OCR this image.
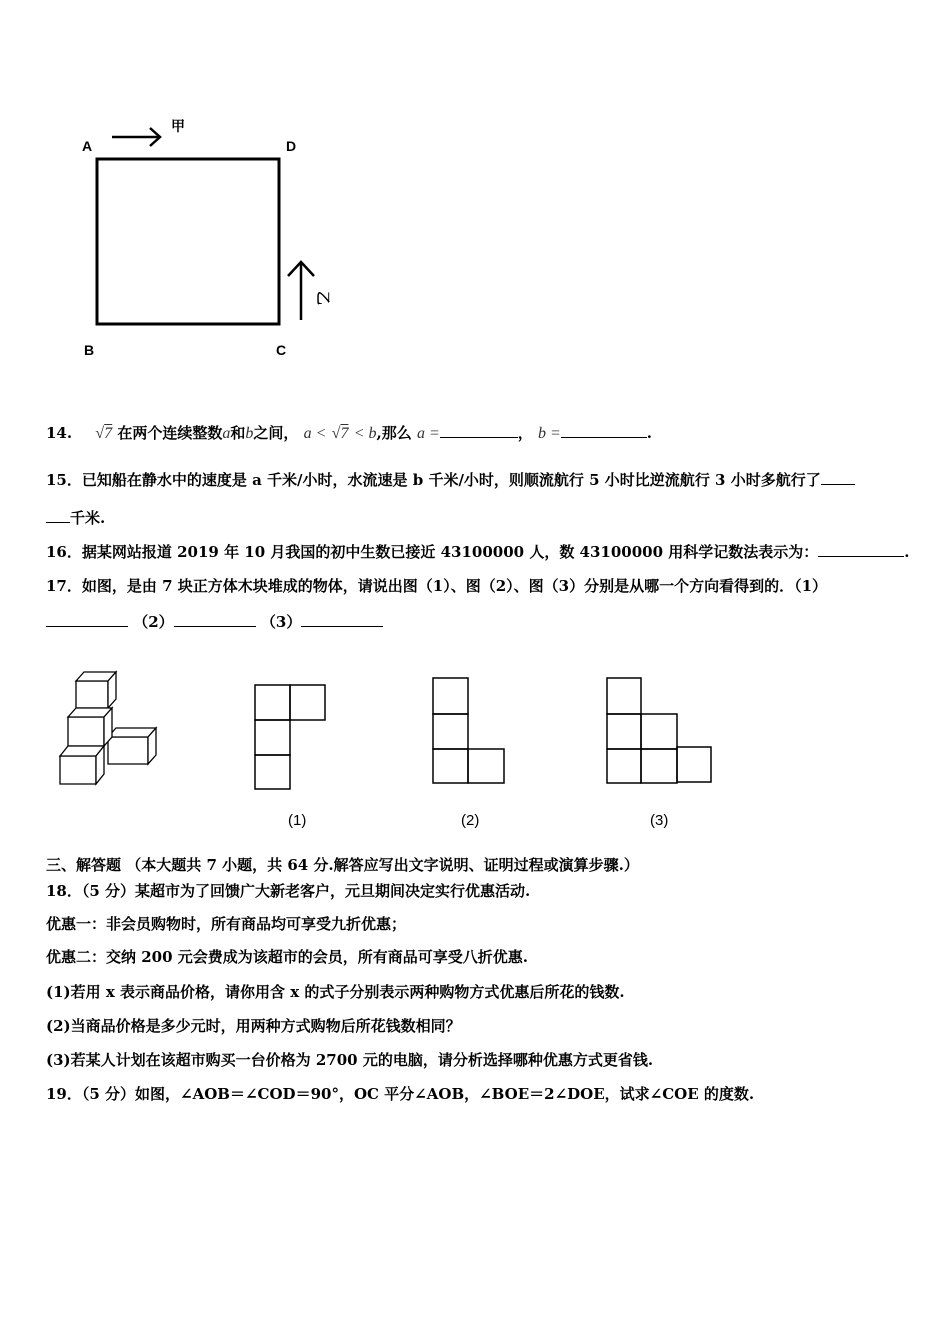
A	D
B	C
甲
乙
14. √7 在两个连续整数a和b之间， a < √7 < b,那么 a =	， b =	.
15．已知船在静水中的速度是 a 千米/小时，水流速是 b 千米/小时，则顺流航行 5 小时比逆流航行 3 小时多航行了
千米.
16．据某网站报道 2019 年 10 月我国的初中生数已接近 43100000 人，数 43100000 用科学记数法表示为：	.
17．如图，是由 7 块正方体木块堆成的物体，请说出图（1）、图（2）、图（3）分别是从哪一个方向看得到的．（1）
（2）	（3）
(1)	(2)	(3)
三、解答题 （本大题共 7 小题，共 64 分.解答应写出文字说明、证明过程或演算步骤.）
18．（5 分）某超市为了回馈广大新老客户，元旦期间决定实行优惠活动.
优惠一：非会员购物时，所有商品均可享受九折优惠；
优惠二：交纳 200 元会费成为该超市的会员，所有商品可享受八折优惠.
(1)若用 x 表示商品价格，请你用含 x 的式子分别表示两种购物方式优惠后所花的钱数.
(2)当商品价格是多少元时，用两种方式购物后所花钱数相同？
(3)若某人计划在该超市购买一台价格为 2700 元的电脑，请分析选择哪种优惠方式更省钱.
19．（5 分）如图，∠AOB＝∠COD＝90°，OC 平分∠AOB，∠BOE＝2∠DOE，试求∠COE 的度数.
